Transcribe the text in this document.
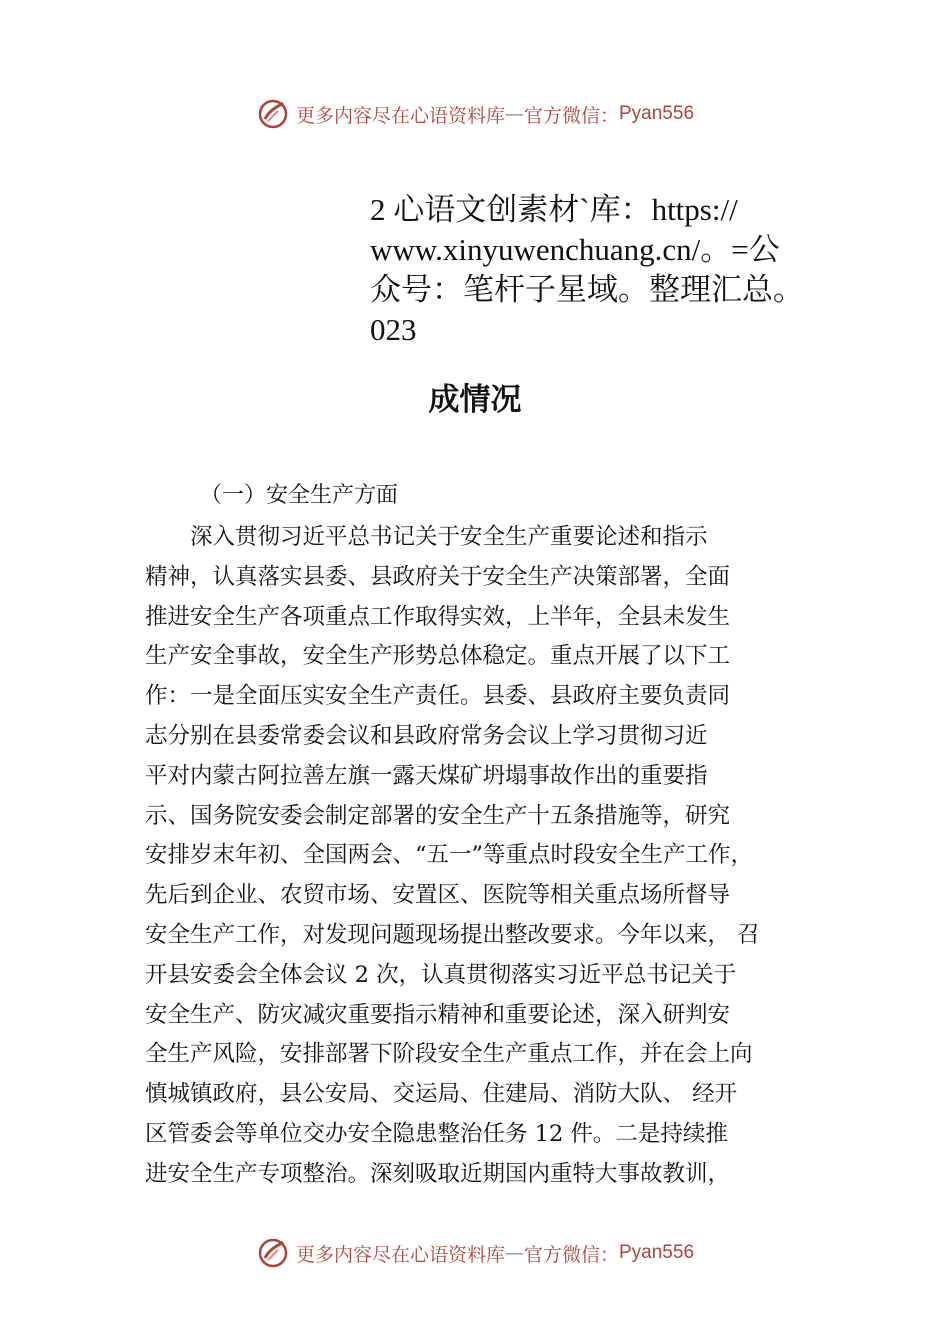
更多内容尽在心语资料库 — 官方微信： Pyan556
2 心语文创素材`库：https://
www.xinyuwenchuang.cn/。=公
众号：笔杆子星域。整理汇总。
023
成情况
（一）安全生产方面
　　深入贯彻习近平总书记关于安全生产重要论述和指示
精神，认真落实县委、县政府关于安全生产决策部署，全面
推进安全生产各项重点工作取得实效，上半年，全县未发生
生产安全事故，安全生产形势总体稳定。重点开展了以下工
作：一是全面压实安全生产责任。县委、县政府主要负责同
志分别在县委常委会议和县政府常务会议上学习贯彻习近
平对内蒙古阿拉善左旗一露天煤矿坍塌事故作出的重要指
示、国务院安委会制定部署的安全生产十五条措施等，研究
安排岁末年初、全国两会、“五一”等重点时段安全生产工作，
先后到企业、农贸市场、安置区、医院等相关重点场所督导
安全生产工作，对发现问题现场提出整改要求。今年以来， 召
开县安委会全体会议 2 次，认真贯彻落实习近平总书记关于
安全生产、防灾减灾重要指示精神和重要论述，深入研判安
全生产风险，安排部署下阶段安全生产重点工作，并在会上向
慎城镇政府，县公安局、交运局、住建局、消防大队、 经开
区管委会等单位交办安全隐患整治任务 12 件。二是持续推
进安全生产专项整治。深刻吸取近期国内重特大事故教训，
更多内容尽在心语资料库 — 官方微信： Pyan556
